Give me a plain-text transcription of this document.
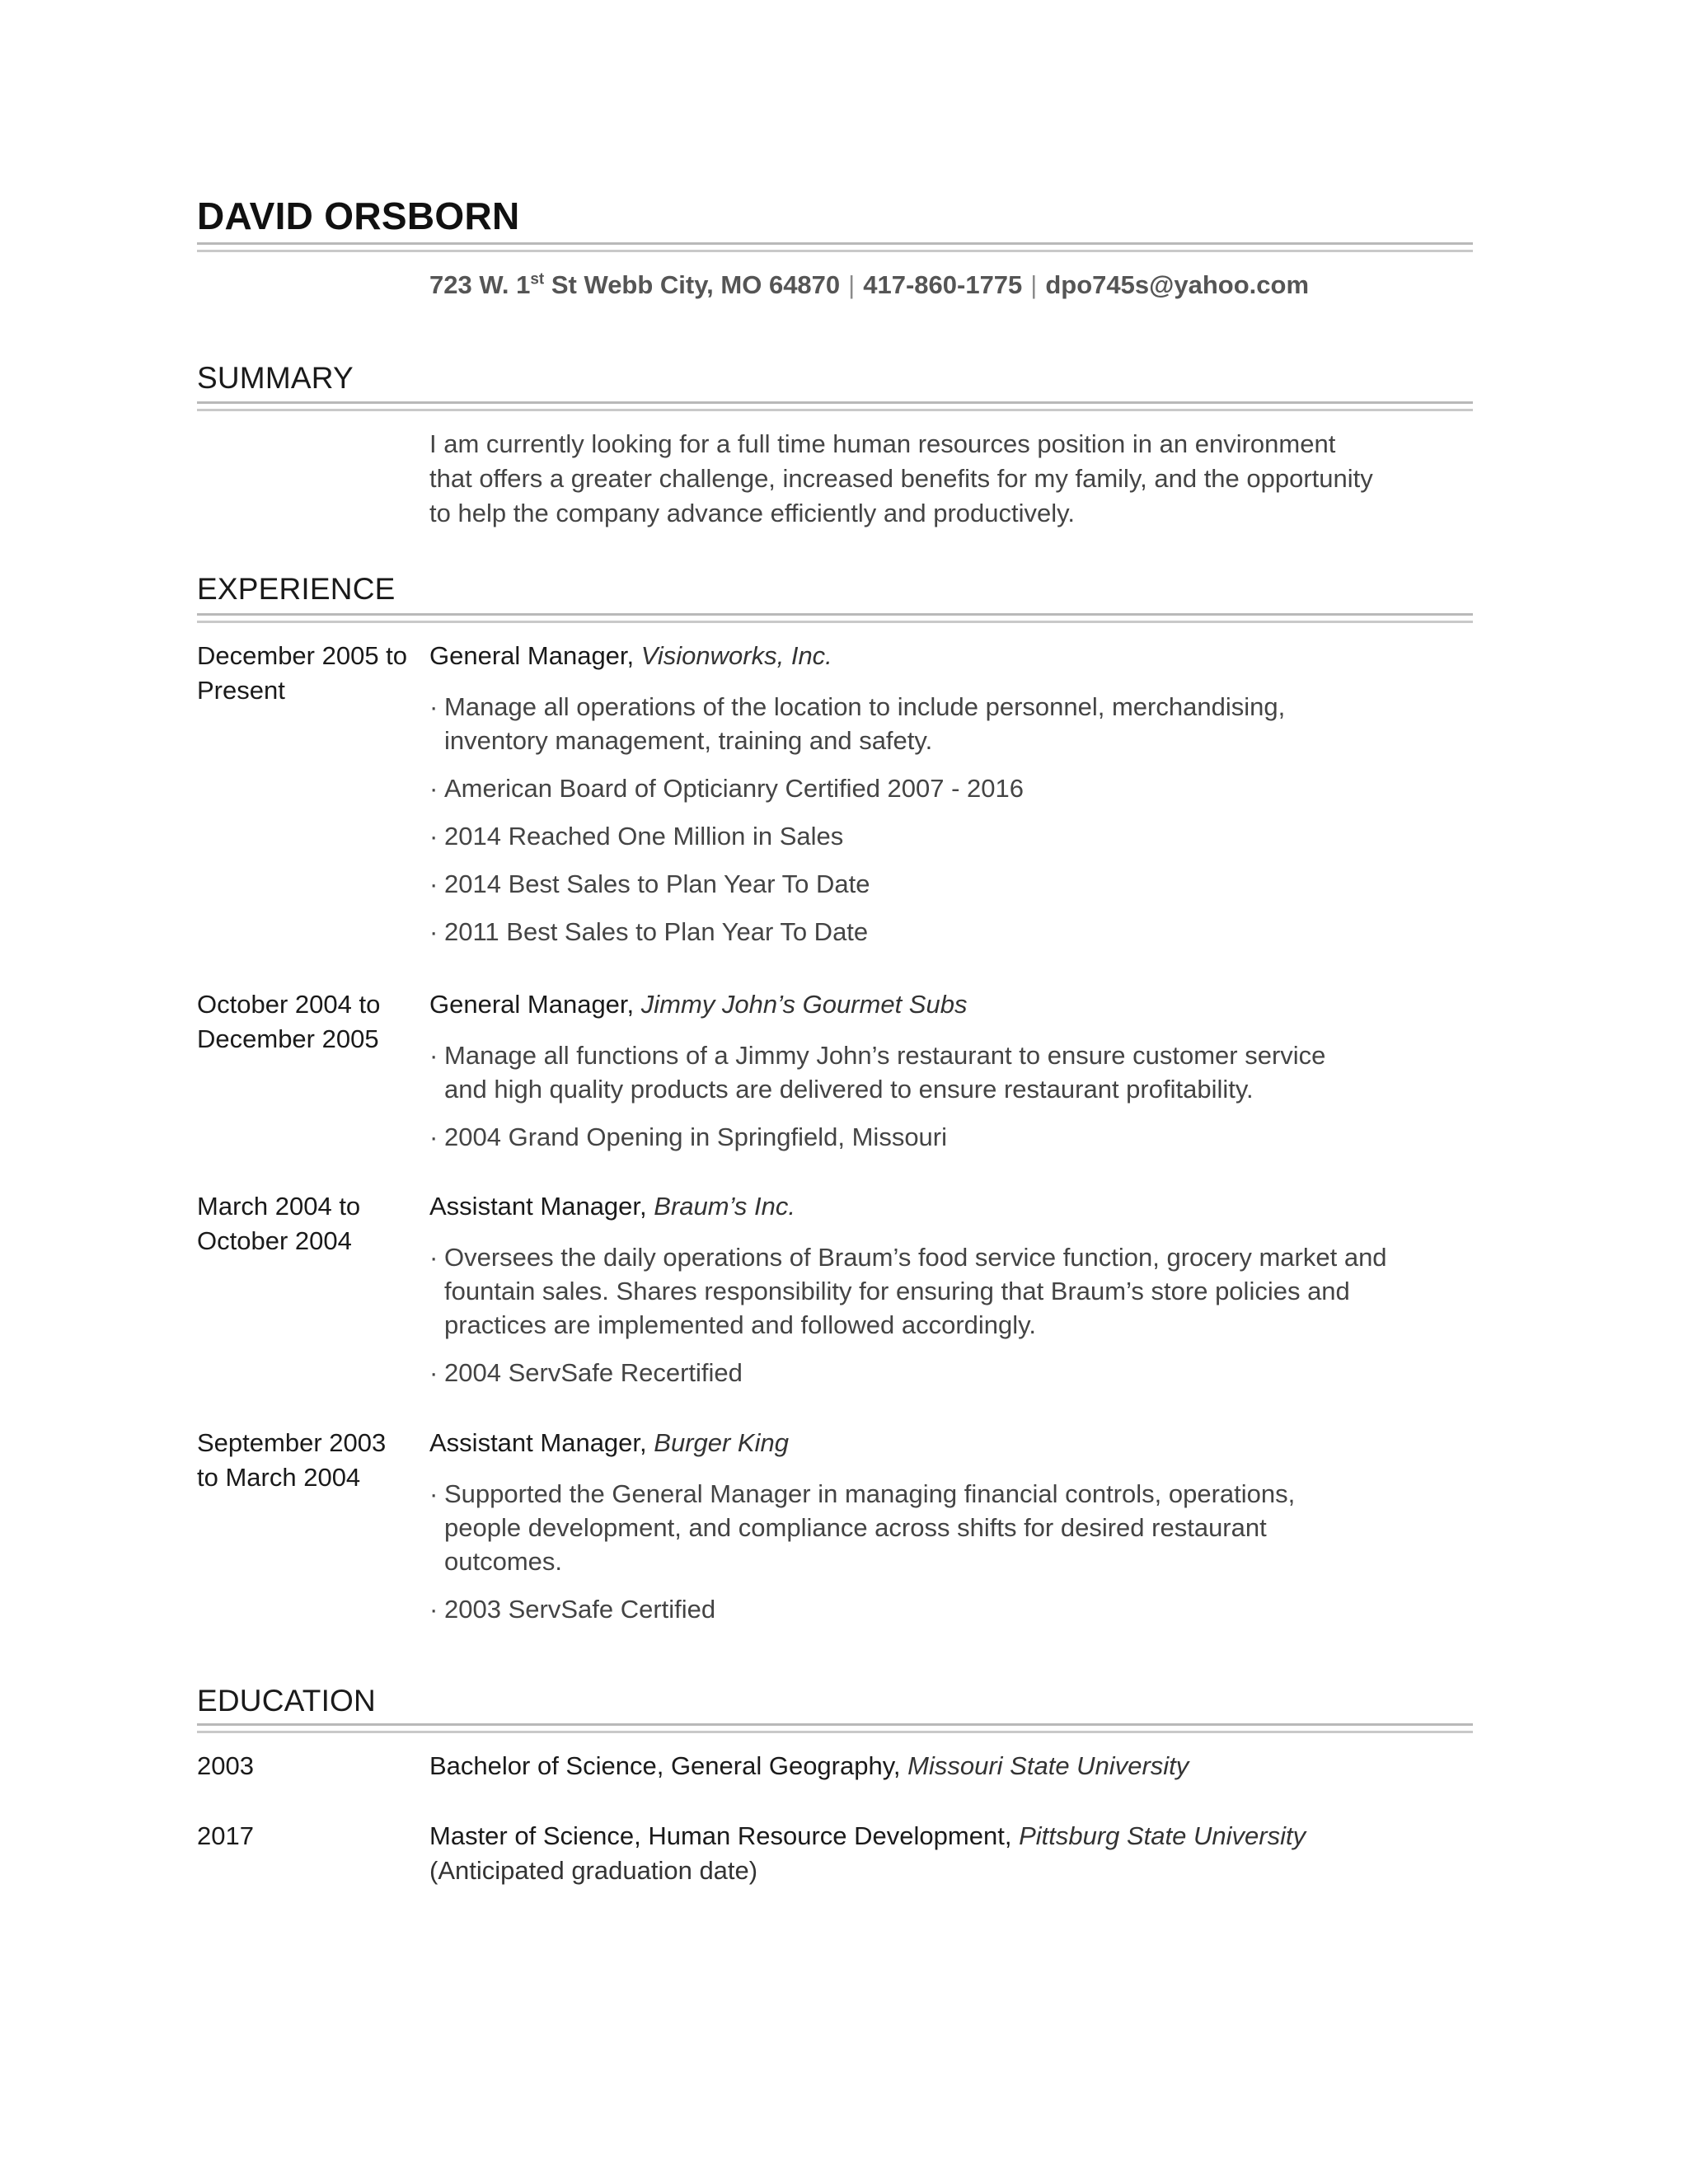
DAVID ORSBORN
723 W. 1st St Webb City, MO 64870 | 417-860-1775 | dpo745s@yahoo.com
SUMMARY
I am currently looking for a full time human resources position in an environment that offers a greater challenge, increased benefits for my family, and the opportunity to help the company advance efficiently and productively.
EXPERIENCE
December 2005 to Present
General Manager, Visionworks, Inc.
· Manage all operations of the location to include personnel, merchandising, inventory management, training and safety.
· American Board of Opticianry Certified 2007 - 2016
· 2014 Reached One Million in Sales
· 2014 Best Sales to Plan Year To Date
· 2011 Best Sales to Plan Year To Date
October 2004 to December 2005
General Manager, Jimmy John’s Gourmet Subs
· Manage all functions of a Jimmy John’s restaurant to ensure customer service and high quality products are delivered to ensure restaurant profitability.
· 2004 Grand Opening in Springfield, Missouri
March 2004 to October 2004
Assistant Manager, Braum’s Inc.
· Oversees the daily operations of Braum’s food service function, grocery market and fountain sales. Shares responsibility for ensuring that Braum’s store policies and practices are implemented and followed accordingly.
· 2004 ServSafe Recertified
September 2003 to March 2004
Assistant Manager, Burger King
· Supported the General Manager in managing financial controls, operations, people development, and compliance across shifts for desired restaurant outcomes.
· 2003 ServSafe Certified
EDUCATION
2003	Bachelor of Science, General Geography, Missouri State University
2017	Master of Science, Human Resource Development, Pittsburg State University
(Anticipated graduation date)
